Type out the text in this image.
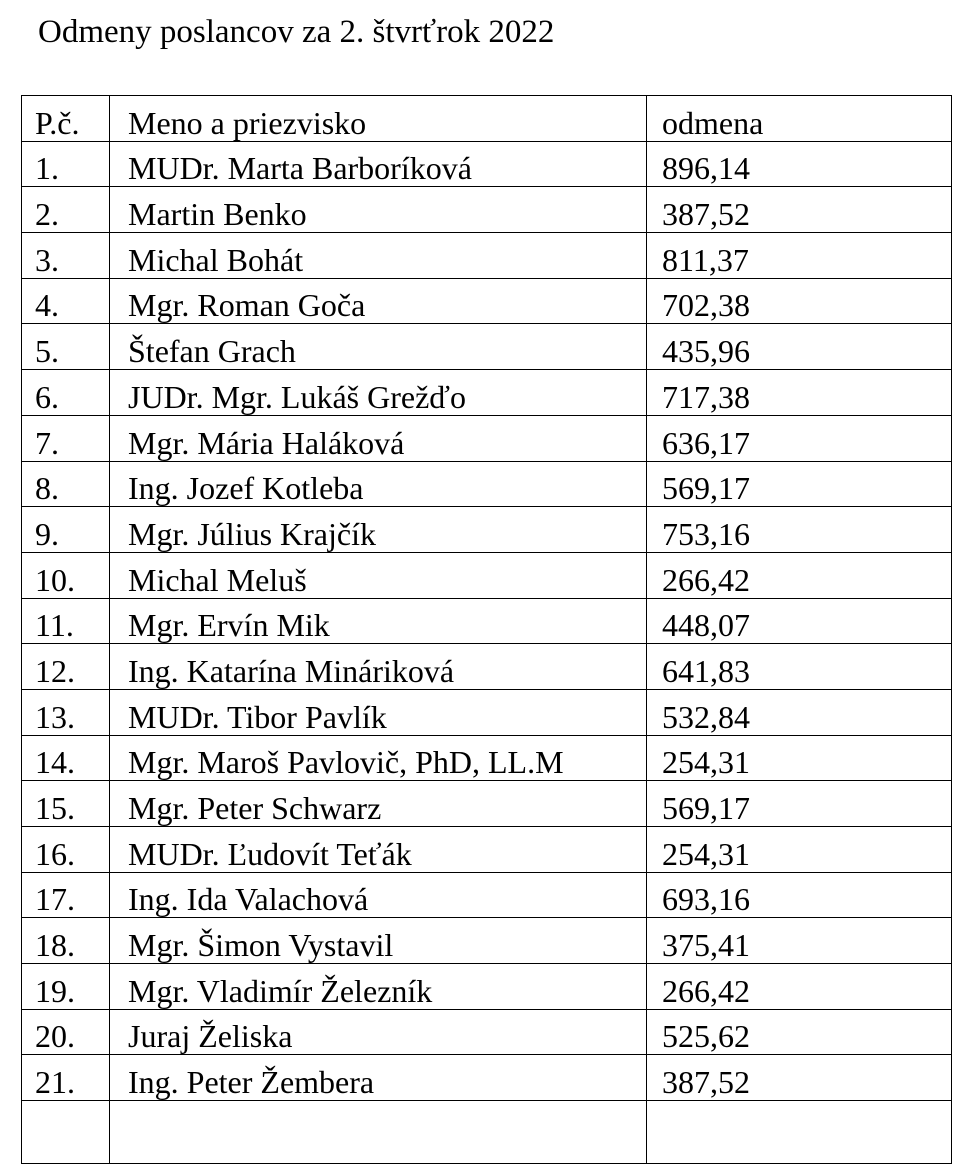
Odmeny poslancov za 2. štvrťrok 2022
P.č.	Meno a priezvisko	odmena
1.	MUDr. Marta Barboríková	896,14
2.	Martin Benko	387,52
3.	Michal Bohát	811,37
4.	Mgr. Roman Goča	702,38
5.	Štefan Grach	435,96
6.	JUDr. Mgr. Lukáš Grežďo	717,38
7.	Mgr. Mária Haláková	636,17
8.	Ing. Jozef Kotleba	569,17
9.	Mgr. Július Krajčík	753,16
10.	Michal Meluš	266,42
11.	Mgr. Ervín Mik	448,07
12.	Ing. Katarína Mináriková	641,83
13.	MUDr. Tibor Pavlík	532,84
14.	Mgr. Maroš Pavlovič, PhD, LL.M	254,31
15.	Mgr. Peter Schwarz	569,17
16.	MUDr. Ľudovít Teťák	254,31
17.	Ing. Ida Valachová	693,16
18.	Mgr. Šimon Vystavil	375,41
19.	Mgr. Vladimír Železník	266,42
20.	Juraj Želiska	525,62
21.	Ing. Peter Žembera	387,52
